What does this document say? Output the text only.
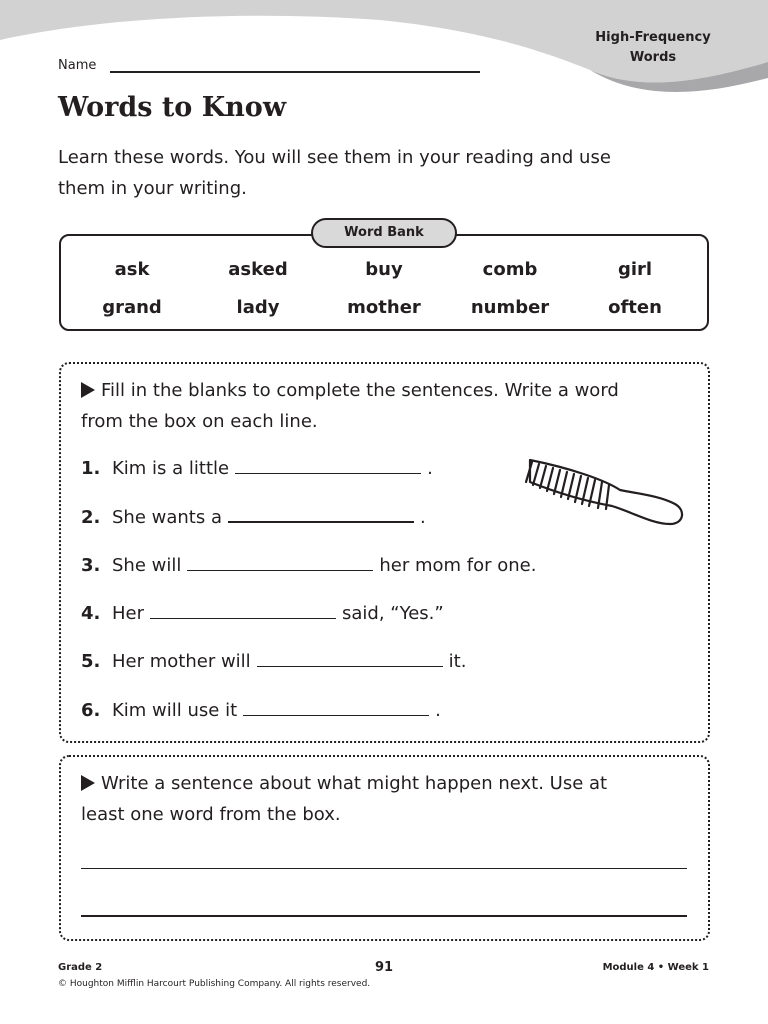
High-Frequency
Words
Name
Words to Know

Learn these words. You will see them in your reading and use them in your writing.

Word Bank
ask	asked	buy	comb	girl
grand	lady	mother	number	often

Fill in the blanks to complete the sentences. Write a word from the box on each line.

1. Kim is a little	.
2. She wants a	.
3. She will	her mom for one.
4. Her	said, “Yes.”
5. Her mother will	it.
6. Kim will use it	.

Write a sentence about what might happen next. Use at least one word from the box.

Grade 2
© Houghton Mifflin Harcourt Publishing Company. All rights reserved.
91	Module 4 • Week 1
